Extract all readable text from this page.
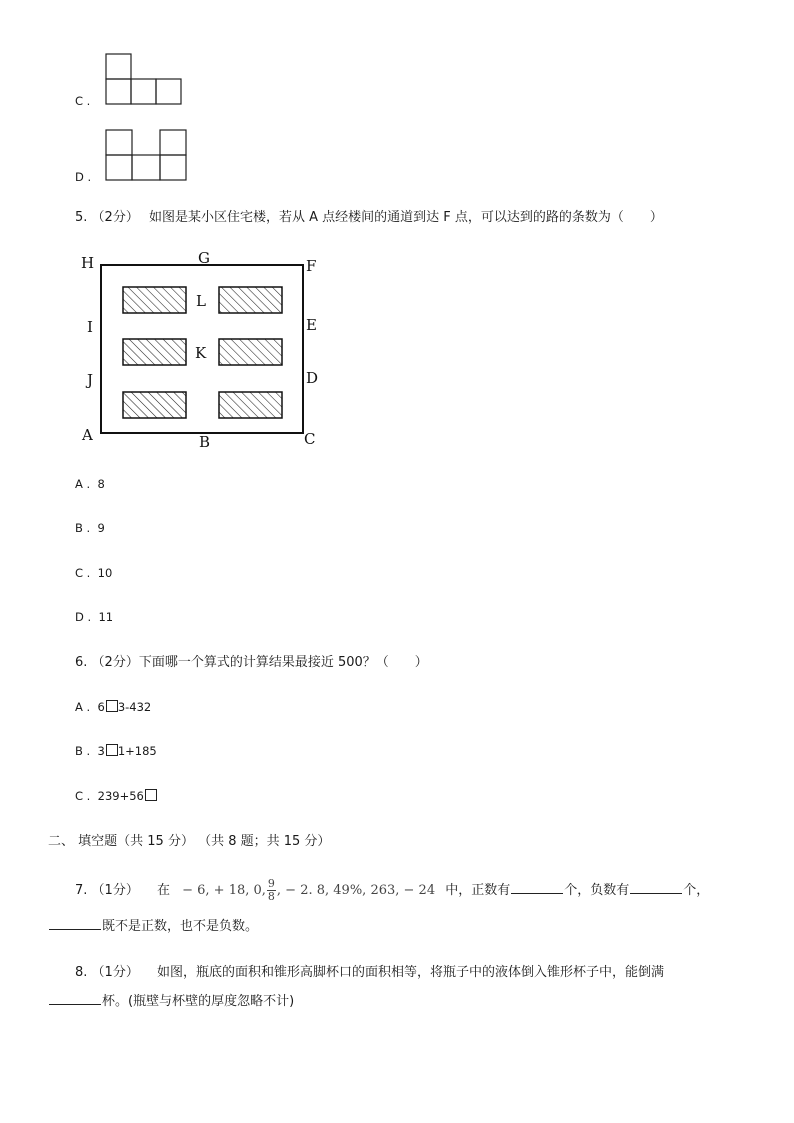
C .
D .
5. （2分） 如图是某小区住宅楼，若从 A 点经楼间的通道到达 F 点，可以达到的路的条数为（　　）
H	G	F
I	E
J	D
A	B	C
L
K
A . 8
B . 9
C . 10
D . 11
6. （2分）下面哪一个算式的计算结果最接近 500？（　　）
A . 6 3-432
B . 3 1+185
C . 239+56
二、 填空题（共 15 分） （共 8 题；共 15 分）
7. （1分） 在 − 6, + 18, 0, $\frac{9}{8}$ , − 2. 8, 49%, 263, − 24 中，正数有	个，负数有	个，
既不是正数，也不是负数。
8. （1分） 如图，瓶底的面积和锥形高脚杯口的面积相等，将瓶子中的液体倒入锥形杯子中，能倒满
杯。(瓶壁与杯壁的厚度忽略不计)
